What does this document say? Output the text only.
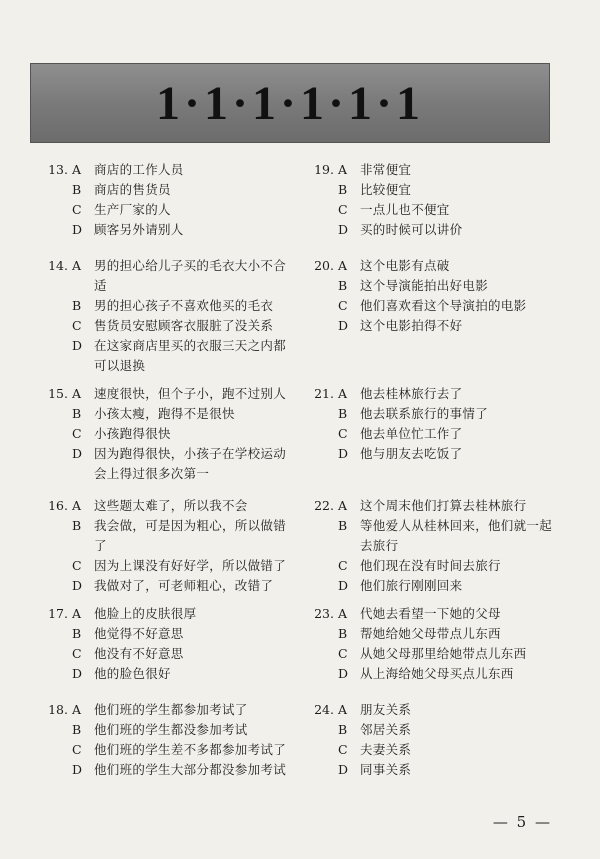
1·1·1·1·1·1
13. A	商店的工作人员
B	商店的售货员
C 生产厂家的人
D 顾客另外请别人
14. A	男的担心给儿子买的毛衣大小不合适
B	男的担心孩子不喜欢他买的毛衣
C 售货员安慰顾客衣服脏了没关系
D 在这家商店里买的衣服三天之内都可以退换
15. A	速度很快，但个子小，跑不过别人
B	小孩太瘦，跑得不是很快
C 小孩跑得很快
D 因为跑得很快，小孩子在学校运动会上得过很多次第一
16. A	这些题太难了，所以我不会
B	我会做，可是因为粗心，所以做错了
C 因为上课没有好好学，所以做错了
D 我做对了，可老师粗心，改错了
17. A	他脸上的皮肤很厚
B	他觉得不好意思
C 他没有不好意思
D 他的脸色很好
18. A	他们班的学生都参加考试了
B	他们班的学生都没参加考试
C 他们班的学生差不多都参加考试了
D 他们班的学生大部分都没参加考试
19. A	非常便宜
B	比较便宜
C 一点儿也不便宜
D 买的时候可以讲价
20. A	这个电影有点破
B	这个导演能拍出好电影
C 他们喜欢看这个导演拍的电影
D 这个电影拍得不好
21. A	他去桂林旅行去了
B	他去联系旅行的事情了
C 他去单位忙工作了
D 他与朋友去吃饭了
22. A	这个周末他们打算去桂林旅行
B	等他爱人从桂林回来，他们就一起去旅行
C 他们现在没有时间去旅行
D 他们旅行刚刚回来
23. A	代她去看望一下她的父母
B	帮她给她父母带点儿东西
C 从她父母那里给她带点儿东西
D 从上海给她父母买点儿东西
24. A	朋友关系
B	邻居关系
C 夫妻关系
D 同事关系
— 5 —
